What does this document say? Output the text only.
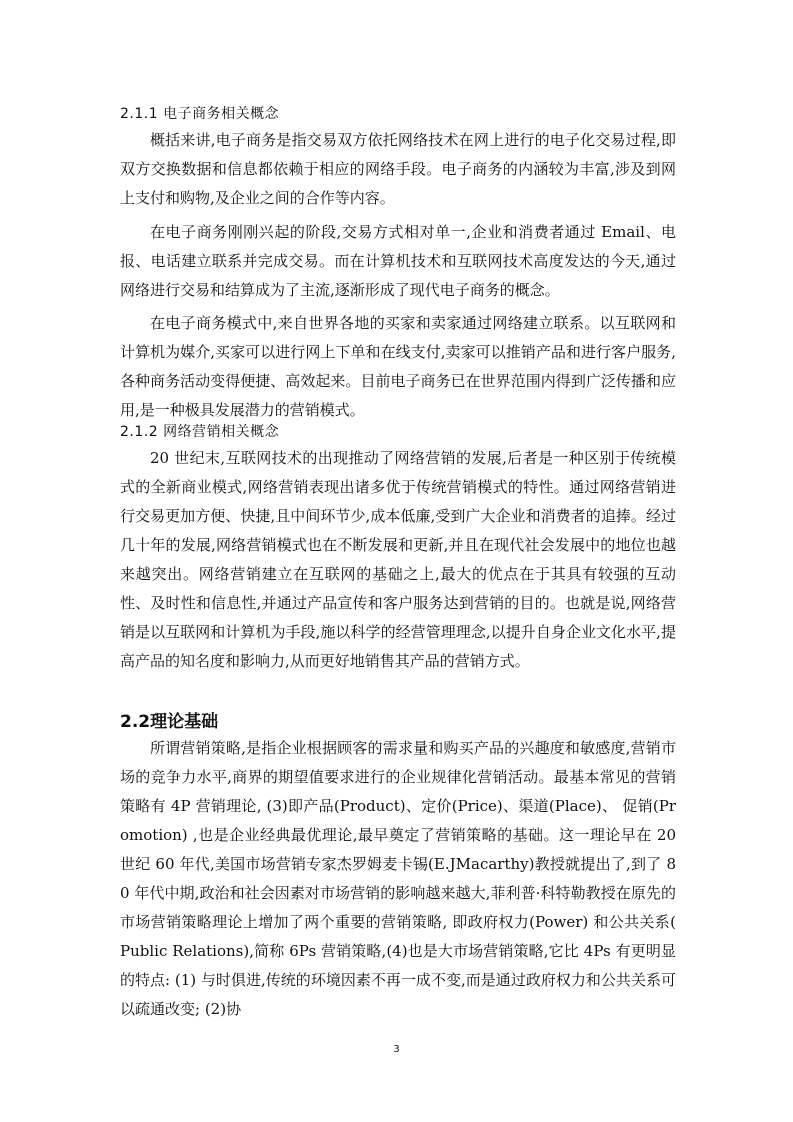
2.1.1 电子商务相关概念

概括来讲,电子商务是指交易双方依托网络技术在网上进行的电子化交易过程,即双方交换数据和信息都依赖于相应的网络手段。电子商务的内涵较为丰富,涉及到网上支付和购物,及企业之间的合作等内容。

在电子商务刚刚兴起的阶段,交易方式相对单一,企业和消费者通过 Email、电报、电话建立联系并完成交易。而在计算机技术和互联网技术高度发达的今天,通过网络进行交易和结算成为了主流,逐渐形成了现代电子商务的概念。

在电子商务模式中,来自世界各地的买家和卖家通过网络建立联系。以互联网和计算机为媒介,买家可以进行网上下单和在线支付,卖家可以推销产品和进行客户服务,各种商务活动变得便捷、高效起来。目前电子商务已在世界范围内得到广泛传播和应用,是一种极具发展潜力的营销模式。

2.1.2 网络营销相关概念

20 世纪末,互联网技术的出现推动了网络营销的发展,后者是一种区别于传统模式的全新商业模式,网络营销表现出诸多优于传统营销模式的特性。通过网络营销进行交易更加方便、快捷,且中间环节少,成本低廉,受到广大企业和消费者的追捧。经过几十年的发展,网络营销模式也在不断发展和更新,并且在现代社会发展中的地位也越来越突出。网络营销建立在互联网的基础之上,最大的优点在于其具有较强的互动性、及时性和信息性,并通过产品宣传和客户服务达到营销的目的。也就是说,网络营销是以互联网和计算机为手段,施以科学的经营管理理念,以提升自身企业文化水平,提高产品的知名度和影响力,从而更好地销售其产品的营销方式。

2.2理论基础

所谓营销策略,是指企业根据顾客的需求量和购买产品的兴趣度和敏感度,营销市场的竞争力水平,商界的期望值要求进行的企业规律化营销活动。最基本常见的营销策略有 4P 营销理论, (3)即产品(Product)、定价(Price)、渠道(Place)、 促销(Promotion) ,也是企业经典最优理论,最早奠定了营销策略的基础。这一理论早在 20 世纪 60 年代,美国市场营销专家杰罗姆麦卡锡(E.JMacarthy)教授就提出了,到了 80 年代中期,政治和社会因素对市场营销的影响越来越大,菲利普·科特勒教授在原先的市场营销策略理论上增加了两个重要的营销策略, 即政府权力(Power) 和公共关系( Public Relations),简称 6Ps 营销策略,(4)也是大市场营销策略,它比 4Ps 有更明显的特点: (1) 与时俱进,传统的环境因素不再一成不变,而是通过政府权力和公共关系可以疏通改变; (2)协

3
